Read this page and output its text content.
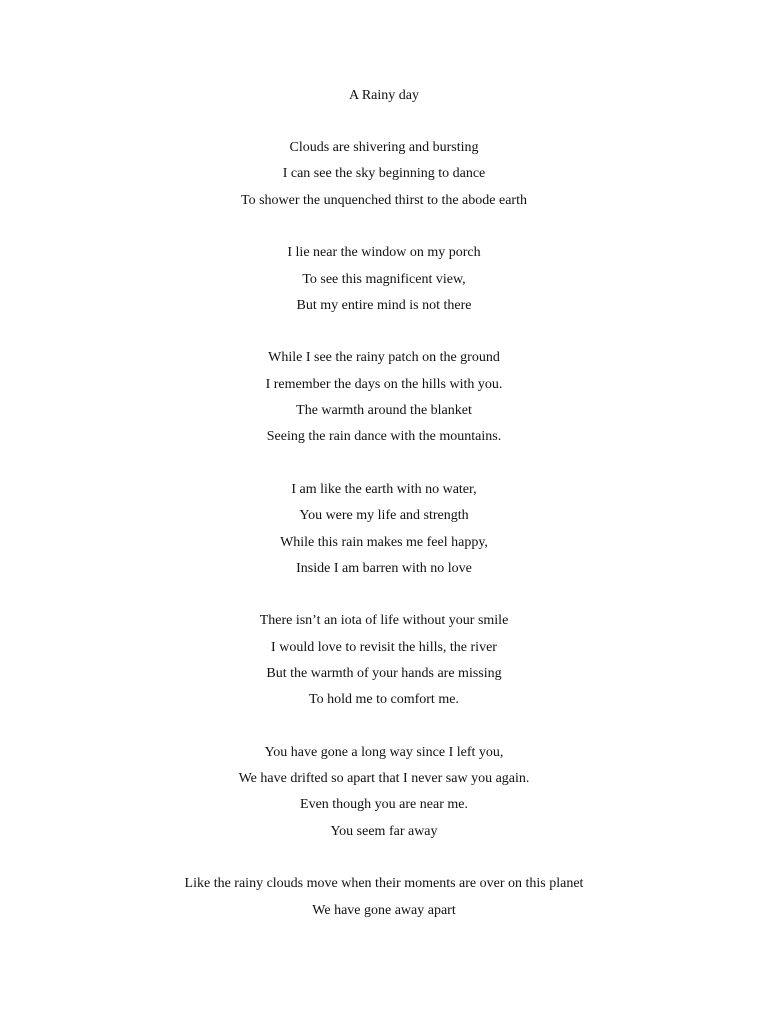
A Rainy day
Clouds are shivering and bursting
I can see the sky beginning to dance
To shower the unquenched thirst to the abode earth
I lie near the window on my porch
To see this magnificent view,
But my entire mind is not there
While I see the rainy patch on the ground
I remember the days on the hills with you.
The warmth around the blanket
Seeing the rain dance with the mountains.
I am like the earth with no water,
You were my life and strength
While this rain makes me feel happy,
Inside I am barren with no love
There isn’t an iota of life without your smile
I would love to revisit the hills, the river
But the warmth of your hands are missing
To hold me to comfort me.
You have gone a long way since I left you,
We have drifted so apart that I never saw you again.
Even though you are near me.
You seem far away
Like the rainy clouds move when their moments are over on this planet
We have gone away apart
